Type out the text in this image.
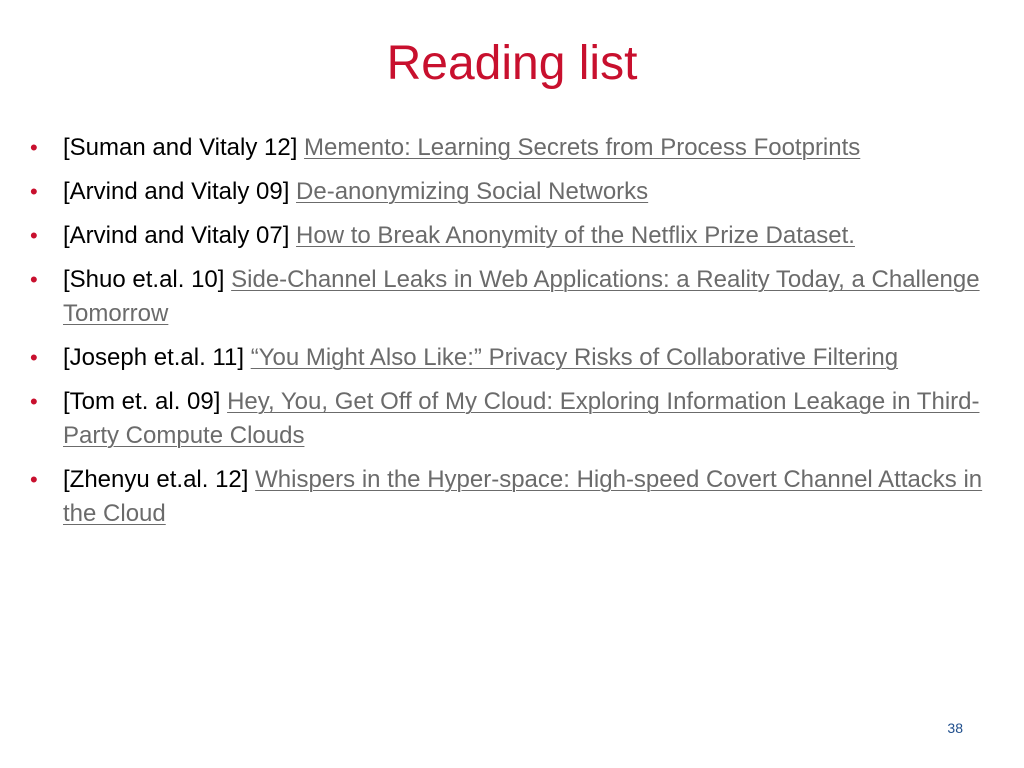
Reading list
• [Suman and Vitaly 12] Memento: Learning Secrets from Process Footprints
• [Arvind and Vitaly 09] De-anonymizing Social Networks
• [Arvind and Vitaly 07] How to Break Anonymity of the Netflix Prize Dataset.
• [Shuo et.al. 10] Side-Channel Leaks in Web Applications: a Reality Today, a Challenge Tomorrow
• [Joseph et.al. 11] “You Might Also Like:” Privacy Risks of Collaborative Filtering
• [Tom et. al. 09] Hey, You, Get Off of My Cloud: Exploring Information Leakage in Third-Party Compute Clouds
• [Zhenyu et.al. 12] Whispers in the Hyper-space: High-speed Covert Channel Attacks in the Cloud
38
